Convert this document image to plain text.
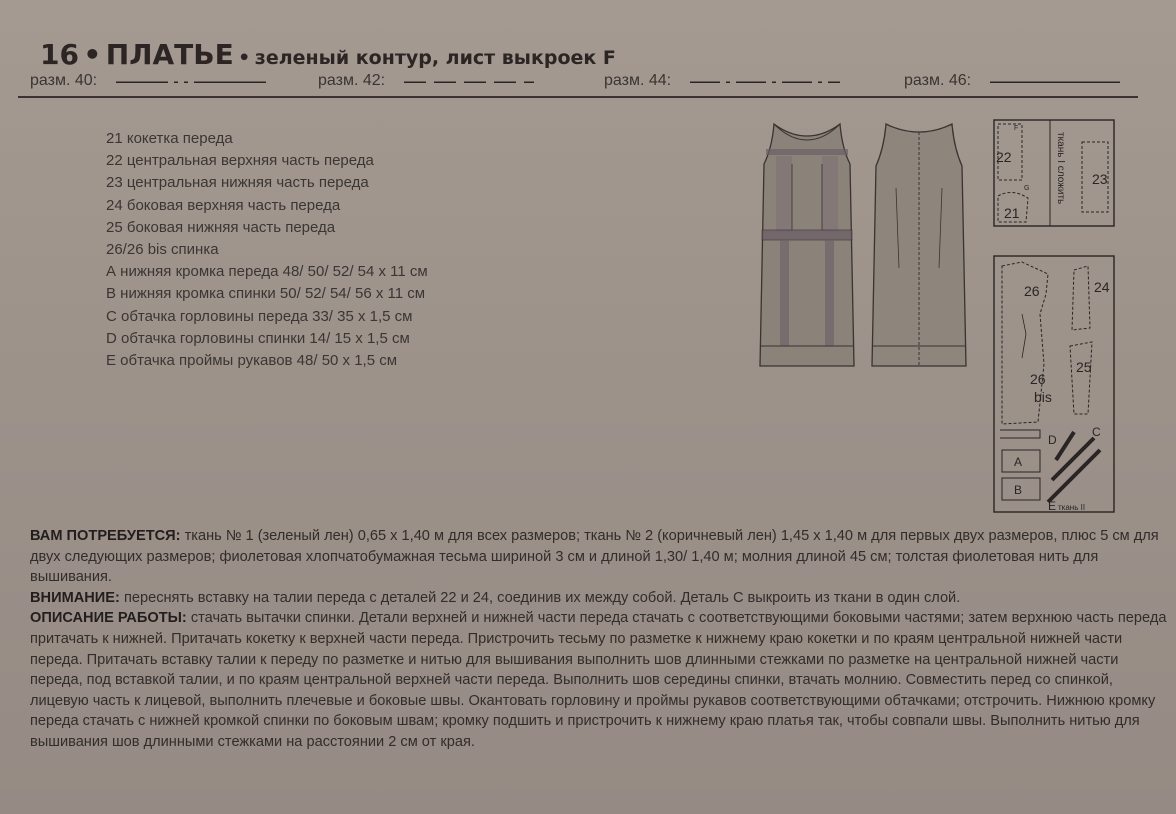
16 • ПЛАТЬЕ • зеленый контур, лист выкроек F
разм. 40:	разм. 42:	разм. 44:	разм. 46:
21 кокетка переда
22 центральная верхняя часть переда
23 центральная нижняя часть переда
24 боковая верхняя часть переда
25 боковая нижняя часть переда
26/26 bis спинка
А нижняя кромка переда 48/ 50/ 52/ 54 х 11 см
В нижняя кромка спинки 50/ 52/ 54/ 56 х 11 см
С обтачка горловины переда 33/ 35 х 1,5 см
D обтачка горловины спинки 14/ 15 х 1,5 см
Е обтачка проймы рукавов 48/ 50 х 1,5 см
22
23
21
F
G	ткань I сложить
26	24
26
bis
25
A
B
C
D
E ткань II

ВАМ ПОТРЕБУЕТСЯ: ткань № 1 (зеленый лен) 0,65 х 1,40 м для всех размеров; ткань № 2 (коричневый лен) 1,45 х 1,40 м для первых двух размеров, плюс 5 см для двух следующих размеров; фиолетовая хлопчатобумажная тесьма шириной 3 см и длиной 1,30/ 1,40 м; молния длиной 45 см; толстая фиолетовая нить для вышивания.

ВНИМАНИЕ: переснять вставку на талии переда с деталей 22 и 24, соединив их между собой. Деталь С выкроить из ткани в один слой.

ОПИСАНИЕ РАБОТЫ: стачать вытачки спинки. Детали верхней и нижней части переда стачать с соответствующими боковыми частями; затем верхнюю часть переда притачать к нижней. Притачать кокетку к верхней части переда. Пристрочить тесьму по разметке к нижнему краю кокетки и по краям центральной нижней части переда. Притачать вставку талии к переду по разметке и нитью для вышивания выполнить шов длинными стежками по разметке на центральной нижней части переда, под вставкой талии, и по краям центральной верхней части переда. Выполнить шов середины спинки, втачать молнию. Совместить перед со спинкой, лицевую часть к лицевой, выполнить плечевые и боковые швы. Окантовать горловину и проймы рукавов соответствующими обтачками; отстрочить. Нижнюю кромку переда стачать с нижней кромкой спинки по боковым швам; кромку подшить и пристрочить к нижнему краю платья так, чтобы совпали швы. Выполнить нитью для вышивания шов длинными стежками на расстоянии 2 см от края.
